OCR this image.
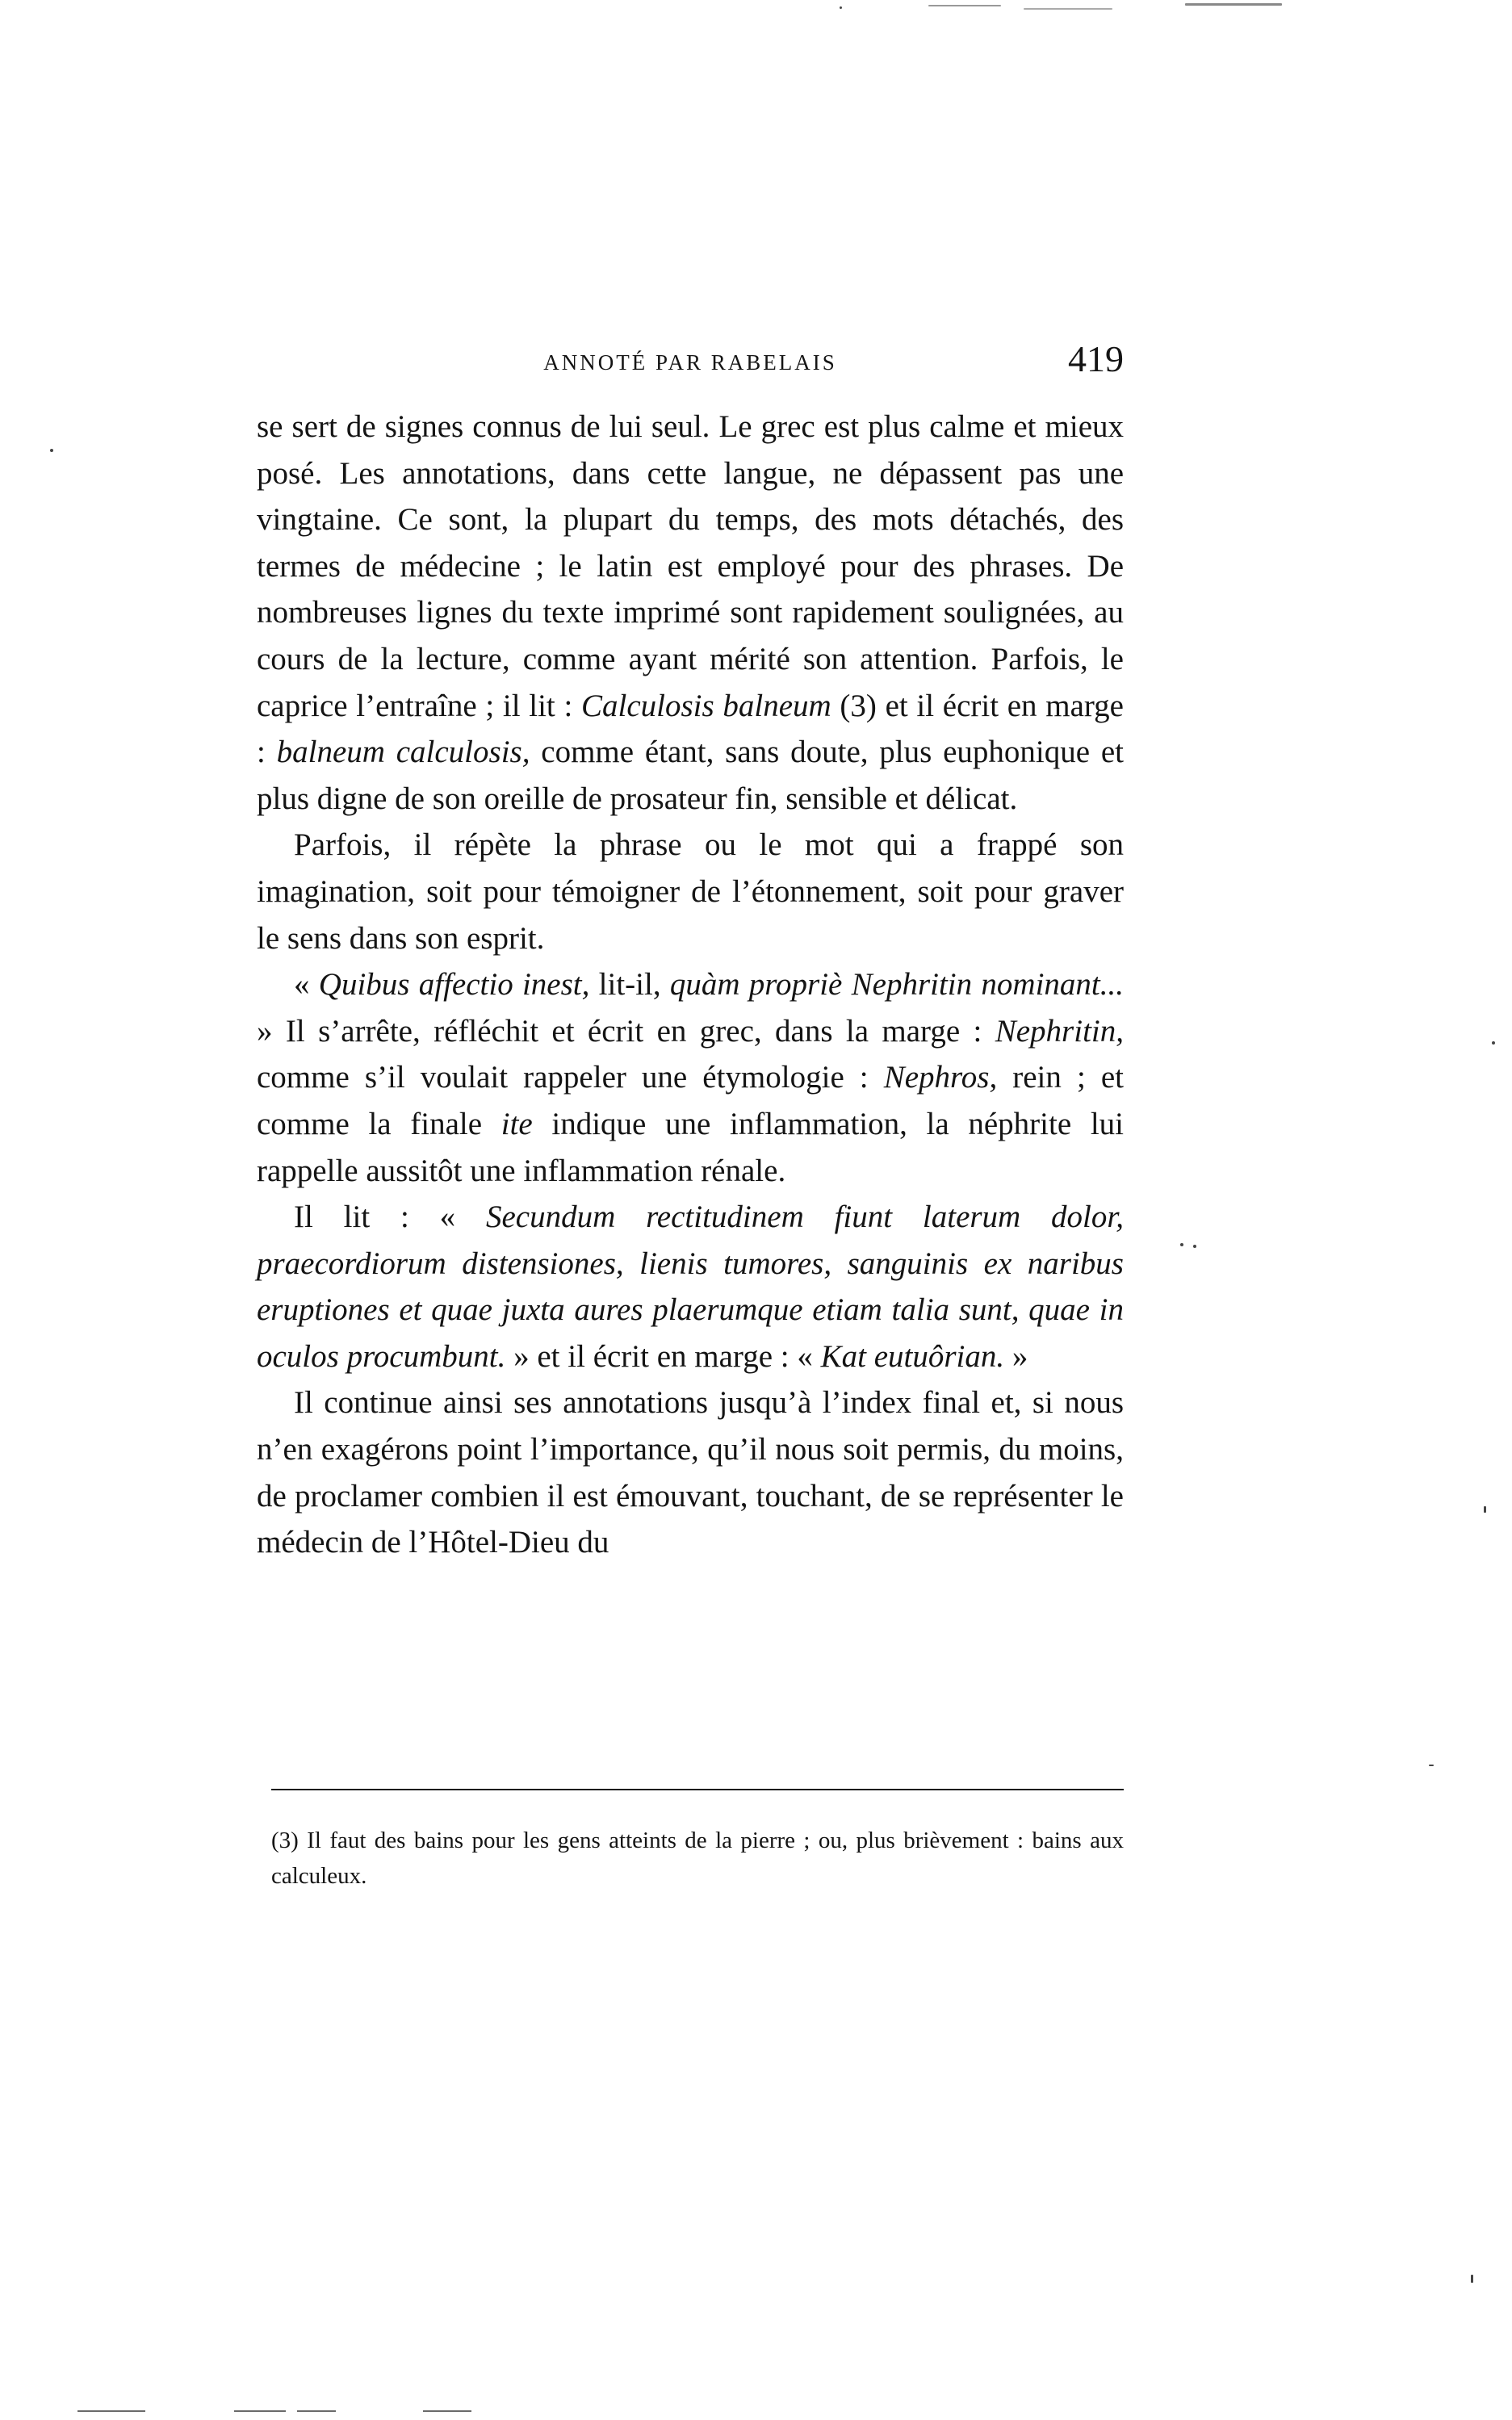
ANNOTÉ PAR RABELAIS	419

se sert de signes connus de lui seul. Le grec est plus calme et mieux posé. Les annotations, dans cette langue, ne dépassent pas une vingtaine. Ce sont, la plupart du temps, des mots détachés, des termes de médecine ; le latin est employé pour des phrases. De nombreuses lignes du texte imprimé sont rapidement soulignées, au cours de la lecture, comme ayant mérité son attention. Parfois, le caprice l’entraîne ; il lit : Calculosis balneum (3) et il écrit en marge : balneum calculosis, comme étant, sans doute, plus euphonique et plus digne de son oreille de prosateur fin, sensible et délicat.

Parfois, il répète la phrase ou le mot qui a frappé son imagination, soit pour témoigner de l’étonnement, soit pour graver le sens dans son esprit.

« Quibus affectio inest, lit-il, quàm propriè Nephritin nominant... » Il s’arrête, réfléchit et écrit en grec, dans la marge : Nephritin, comme s’il voulait rappeler une étymologie : Nephros, rein ; et comme la finale ite indique une inflammation, la néphrite lui rappelle aussitôt une inflammation rénale.

Il lit : « Secundum rectitudinem fiunt laterum dolor, praecordiorum distensiones, lienis tumores, sanguinis ex naribus eruptiones et quae juxta aures plaerumque etiam talia sunt, quae in oculos procumbunt. » et il écrit en marge : « Kat eutuôrian. »

Il continue ainsi ses annotations jusqu’à l’index final et, si nous n’en exagérons point l’importance, qu’il nous soit permis, du moins, de proclamer combien il est émouvant, touchant, de se représenter le médecin de l’Hôtel-Dieu du

(3) Il faut des bains pour les gens atteints de la pierre ; ou, plus brièvement : bains aux calculeux.
